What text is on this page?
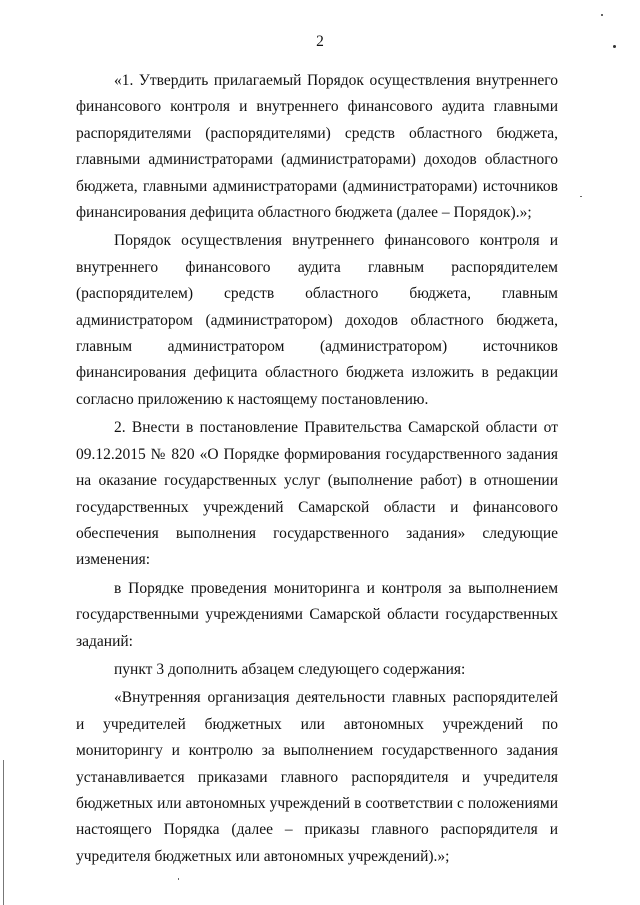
2

«1. Утвердить прилагаемый Порядок осуществления внутреннего финансового контроля и внутреннего финансового аудита главными распорядителями (распорядителями) средств областного бюджета, главными администраторами (администраторами) доходов областного бюджета, главными администраторами (администраторами) источников финансирования дефицита областного бюджета (далее – Порядок).»;

Порядок осуществления внутреннего финансового контроля и внутреннего финансового аудита главным распорядителем (распорядителем) средств областного бюджета, главным администратором (администратором) доходов областного бюджета, главным администратором (администратором) источников финансирования дефицита областного бюджета изложить в редакции согласно приложению к настоящему постановлению.

2. Внести в постановление Правительства Самарской области от 09.12.2015 № 820 «О Порядке формирования государственного задания на оказание государственных услуг (выполнение работ) в отношении государственных учреждений Самарской области и финансового обеспечения выполнения государственного задания» следующие изменения:

в Порядке проведения мониторинга и контроля за выполнением государственными учреждениями Самарской области государственных заданий:

пункт 3 дополнить абзацем следующего содержания:

«Внутренняя организация деятельности главных распорядителей и учредителей бюджетных или автономных учреждений по мониторингу и контролю за выполнением государственного задания устанавливается приказами главного распорядителя и учредителя бюджетных или автономных учреждений в соответствии с положениями настоящего Порядка (далее – приказы главного распорядителя и учредителя бюджетных или автономных учреждений).»;
